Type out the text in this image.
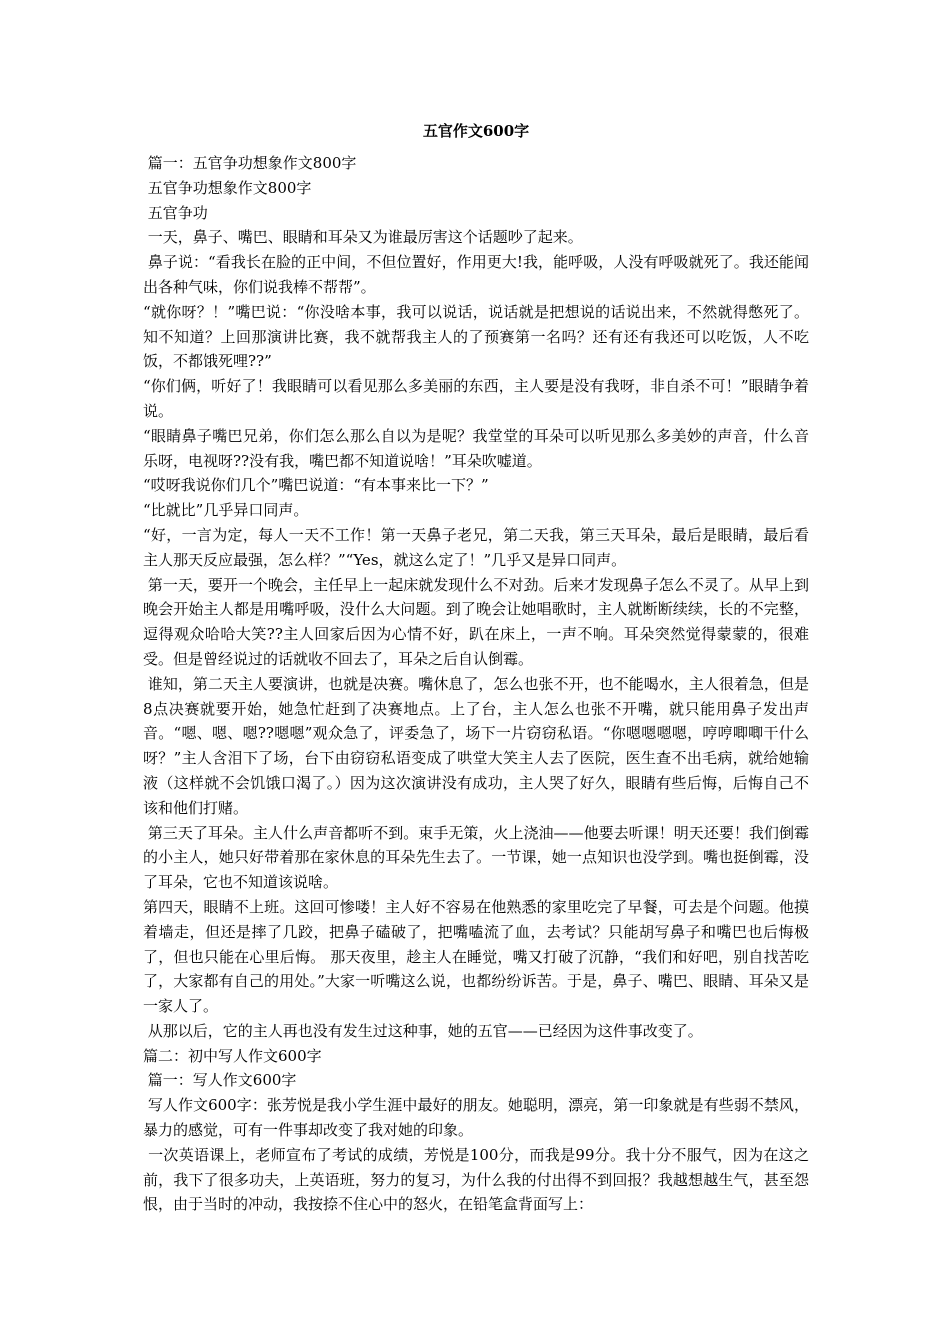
五官作文600字

篇一：五官争功想象作文800字

五官争功想象作文800字

五官争功

一天，鼻子、嘴巴、眼睛和耳朵又为谁最厉害这个话题吵了起来。

鼻子说：“看我长在脸的正中间，不但位置好，作用更大!我，能呼吸，人没有呼吸就死了。我还能闻出各种气味，你们说我棒不帮帮”。

“就你呀？！”嘴巴说：“你没啥本事，我可以说话，说话就是把想说的话说出来，不然就得憋死了。知不知道？上回那演讲比赛，我不就帮我主人的了预赛第一名吗？还有还有我还可以吃饭，人不吃饭，不都饿死哩??”

“你们俩，听好了！我眼睛可以看见那么多美丽的东西，主人要是没有我呀，非自杀不可！”眼睛争着说。

“眼睛鼻子嘴巴兄弟，你们怎么那么自以为是呢？我堂堂的耳朵可以听见那么多美妙的声音，什么音乐呀，电视呀??没有我，嘴巴都不知道说啥！”耳朵吹嘘道。

“哎呀我说你们几个”嘴巴说道：“有本事来比一下？”

“比就比”几乎异口同声。

“好，一言为定，每人一天不工作！第一天鼻子老兄，第二天我，第三天耳朵，最后是眼睛，最后看主人那天反应最强，怎么样？”“Yes，就这么定了！”几乎又是异口同声。

第一天，要开一个晚会，主任早上一起床就发现什么不对劲。后来才发现鼻子怎么不灵了。从早上到晚会开始主人都是用嘴呼吸，没什么大问题。到了晚会让她唱歌时，主人就断断续续，长的不完整，逗得观众哈哈大笑??主人回家后因为心情不好，趴在床上，一声不响。耳朵突然觉得蒙蒙的，很难受。但是曾经说过的话就收不回去了，耳朵之后自认倒霉。

谁知，第二天主人要演讲，也就是决赛。嘴休息了，怎么也张不开，也不能喝水，主人很着急，但是8点决赛就要开始，她急忙赶到了决赛地点。上了台，主人怎么也张不开嘴，就只能用鼻子发出声音。“嗯、嗯、嗯??嗯嗯”观众急了，评委急了，场下一片窃窃私语。“你嗯嗯嗯嗯，哼哼唧唧干什么呀？”主人含泪下了场，台下由窃窃私语变成了哄堂大笑主人去了医院，医生查不出毛病，就给她输液（这样就不会饥饿口渴了。）因为这次演讲没有成功，主人哭了好久，眼睛有些后悔，后悔自己不该和他们打赌。

第三天了耳朵。主人什么声音都听不到。束手无策，火上浇油——他要去听课！明天还要！我们倒霉的小主人，她只好带着那在家休息的耳朵先生去了。一节课，她一点知识也没学到。嘴也挺倒霉，没了耳朵，它也不知道该说啥。

第四天，眼睛不上班。这回可惨喽！主人好不容易在他熟悉的家里吃完了早餐，可去是个问题。他摸着墙走，但还是摔了几跤，把鼻子磕破了，把嘴嗑流了血，去考试？只能胡写鼻子和嘴巴也后悔极了，但也只能在心里后悔。 那天夜里，趁主人在睡觉，嘴又打破了沉静，“我们和好吧，别自找苦吃了，大家都有自己的用处。”大家一听嘴这么说，也都纷纷诉苦。于是，鼻子、嘴巴、眼睛、耳朵又是一家人了。

从那以后，它的主人再也没有发生过这种事，她的五官——已经因为这件事改变了。

篇二：初中写人作文600字

篇一：写人作文600字

写人作文600字：张芳悦是我小学生涯中最好的朋友。她聪明，漂亮，第一印象就是有些弱不禁风，暴力的感觉，可有一件事却改变了我对她的印象。

一次英语课上，老师宣布了考试的成绩，芳悦是100分，而我是99分。我十分不服气，因为在这之前，我下了很多功夫，上英语班，努力的复习，为什么我的付出得不到回报？我越想越生气，甚至怨恨，由于当时的冲动，我按捺不住心中的怒火，在铅笔盒背面写上：
